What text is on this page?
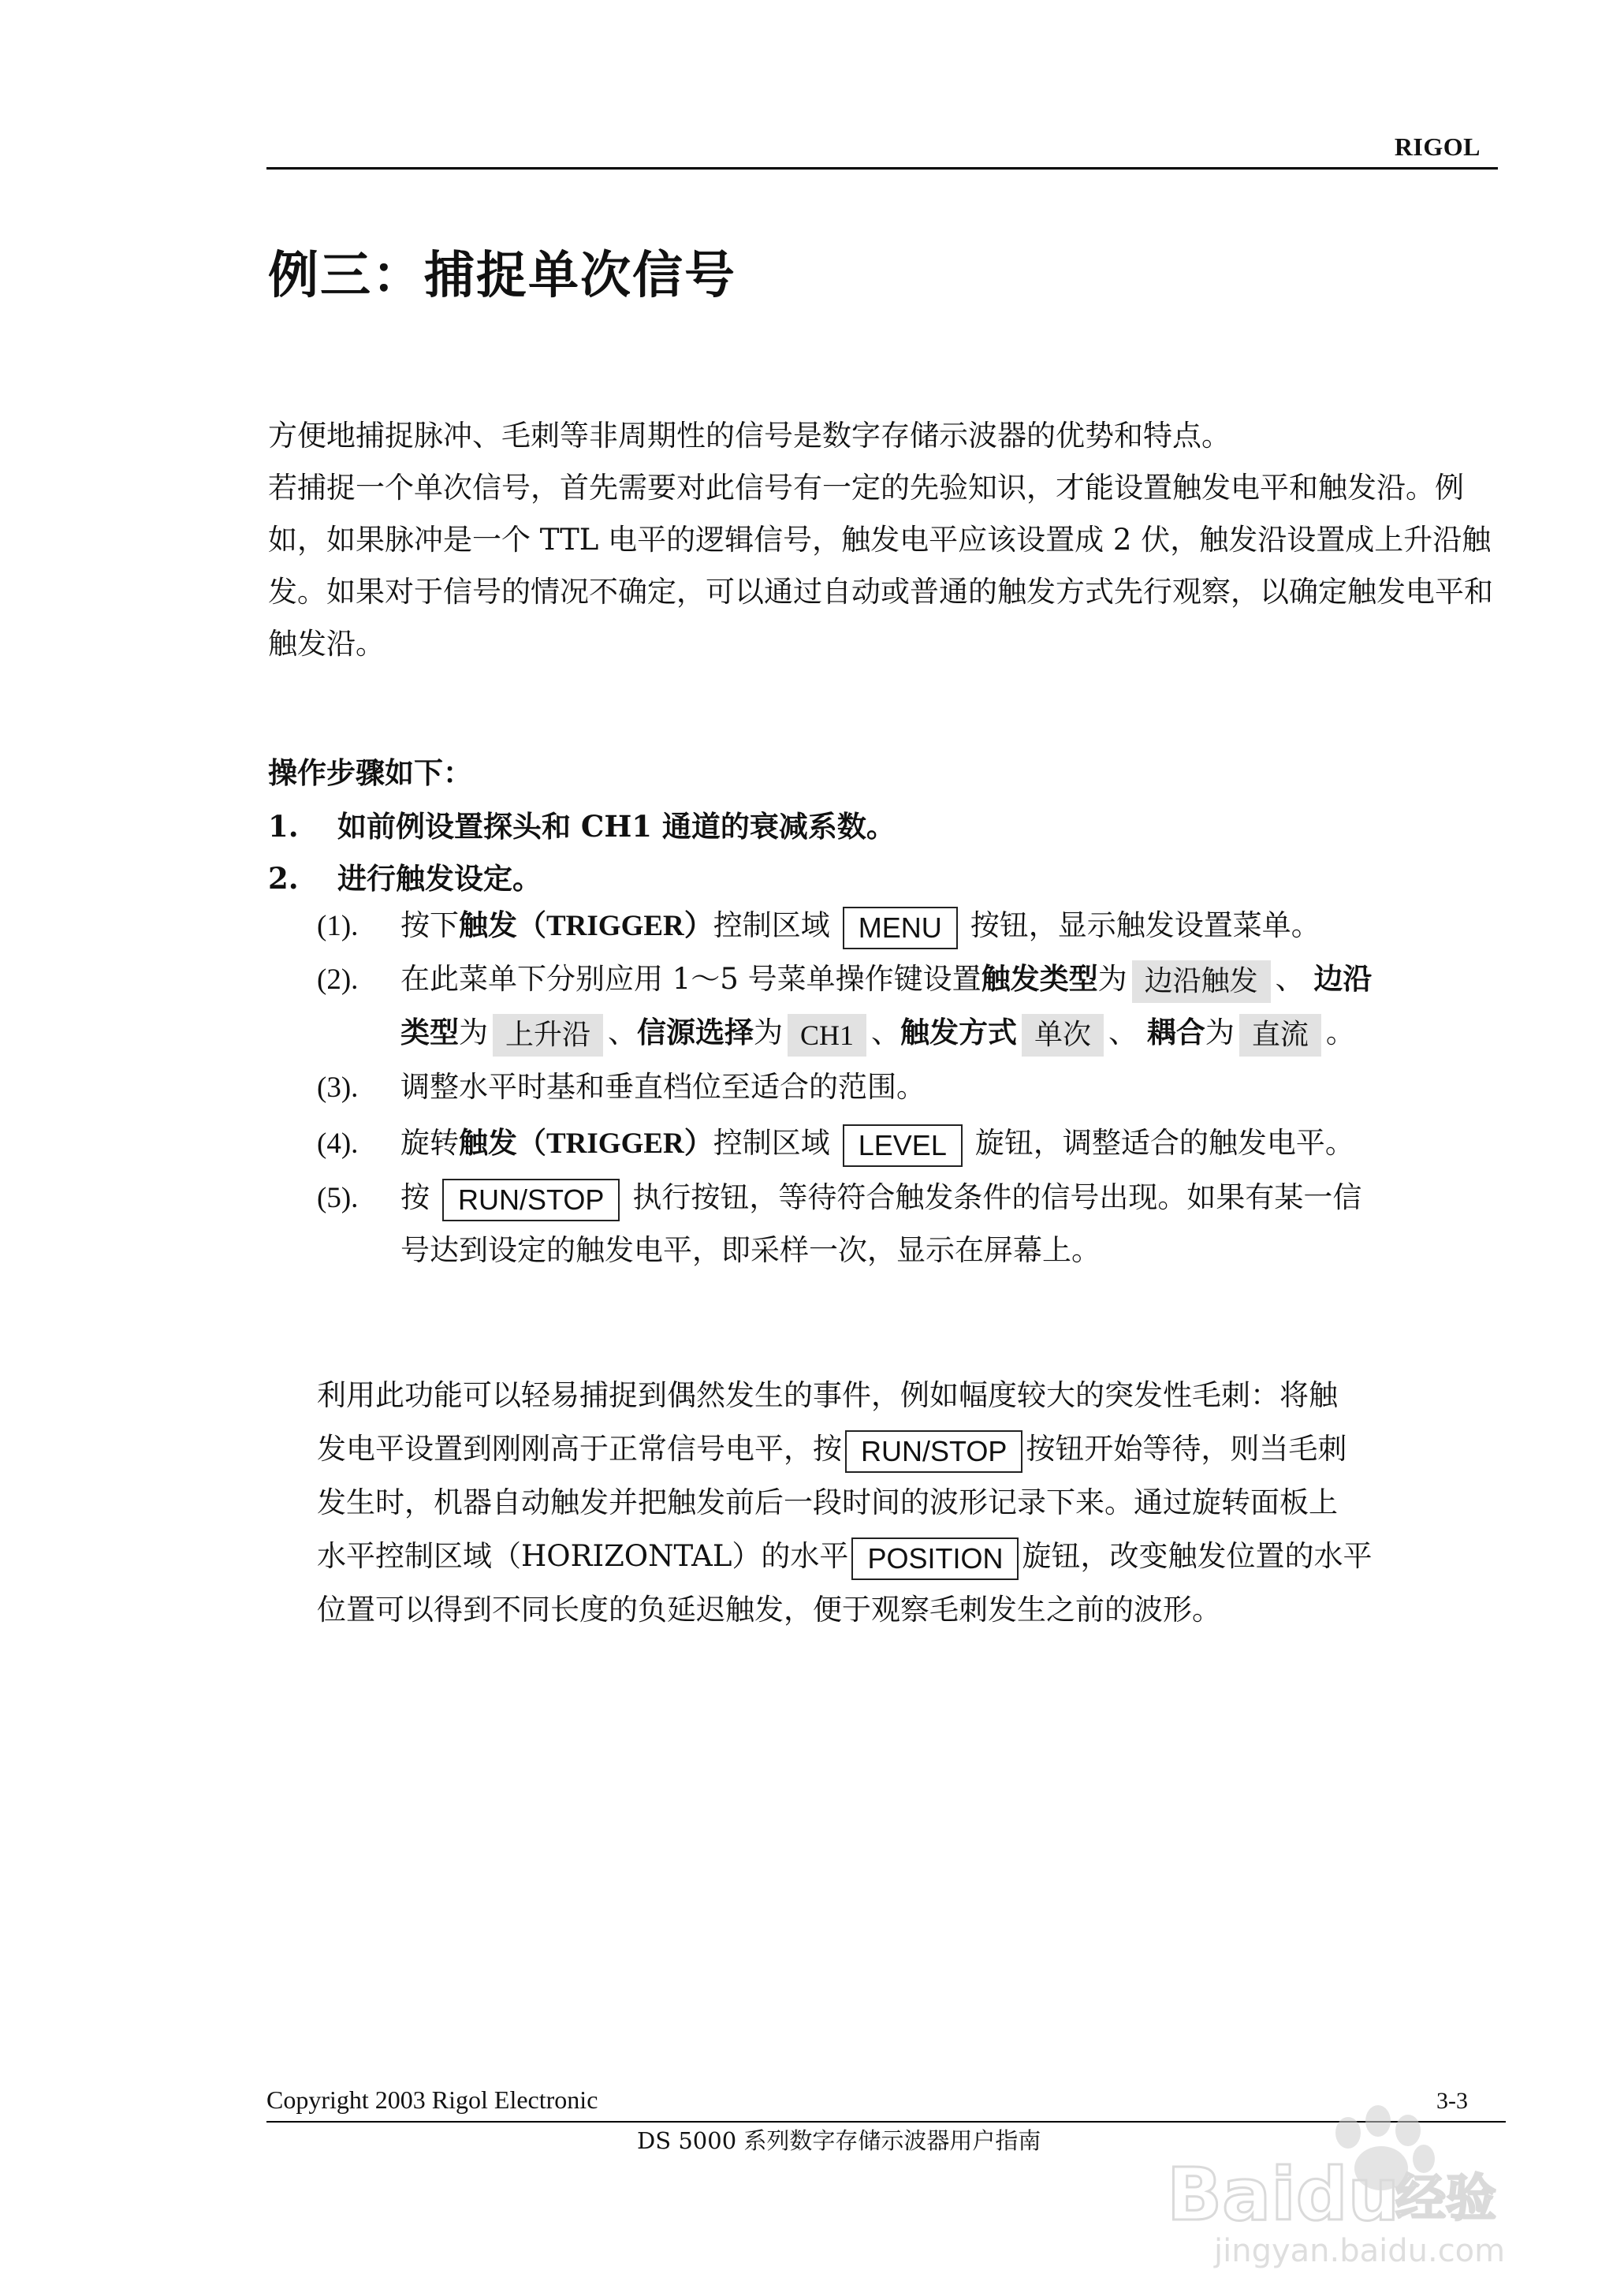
RIGOL
例三：捕捉单次信号

方便地捕捉脉冲、毛刺等非周期性的信号是数字存储示波器的优势和特点。

若捕捉一个单次信号，首先需要对此信号有一定的先验知识，才能设置触发电平和触发沿。例如，如果脉冲是一个 TTL 电平的逻辑信号，触发电平应该设置成 2 伏，触发沿设置成上升沿触发。如果对于信号的情况不确定，可以通过自动或普通的触发方式先行观察，以确定触发电平和触发沿。

操作步骤如下：
1. 如前例设置探头和 CH1 通道的衰减系数。
2. 进行触发设定。
(1). 按下触发（TRIGGER）控制区域 MENU 按钮，显示触发设置菜单。
(2). 在此菜单下分别应用 1～5 号菜单操作键设置触发类型为 边沿触发 、 边沿
类型为 上升沿 、信源选择为 CH1 、触发方式 单次 、 耦合为 直流 。
(3). 调整水平时基和垂直档位至适合的范围。
(4). 旋转触发（TRIGGER）控制区域 LEVEL 旋钮，调整适合的触发电平。
(5). 按 RUN/STOP 执行按钮，等待符合触发条件的信号出现。如果有某一信
号达到设定的触发电平，即采样一次，显示在屏幕上。

利用此功能可以轻易捕捉到偶然发生的事件，例如幅度较大的突发性毛刺：将触

发电平设置到刚刚高于正常信号电平，按 RUN/STOP 按钮开始等待，则当毛刺

发生时，机器自动触发并把触发前后一段时间的波形记录下来。通过旋转面板上

水平控制区域（HORIZONTAL）的水平 POSITION 旋钮，改变触发位置的水平

位置可以得到不同长度的负延迟触发，便于观察毛刺发生之前的波形。

Copyright 2003 Rigol Electronic	3-3
DS 5000 系列数字存储示波器用户指南
Baidu
经验
jingyan.baidu.com
